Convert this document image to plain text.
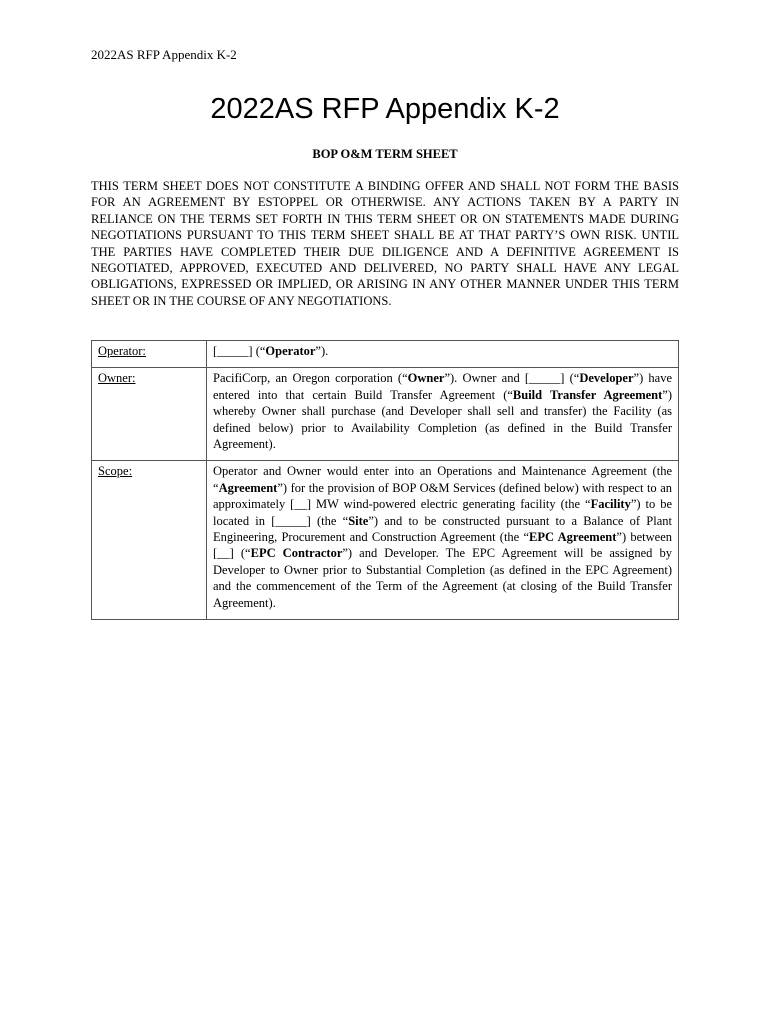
2022AS RFP Appendix K-2
2022AS RFP Appendix K-2
BOP O&M TERM SHEET

THIS TERM SHEET DOES NOT CONSTITUTE A BINDING OFFER AND SHALL NOT FORM THE BASIS FOR AN AGREEMENT BY ESTOPPEL OR OTHERWISE. ANY ACTIONS TAKEN BY A PARTY IN RELIANCE ON THE TERMS SET FORTH IN THIS TERM SHEET OR ON STATEMENTS MADE DURING NEGOTIATIONS PURSUANT TO THIS TERM SHEET SHALL BE AT THAT PARTY’S OWN RISK. UNTIL THE PARTIES HAVE COMPLETED THEIR DUE DILIGENCE AND A DEFINITIVE AGREEMENT IS NEGOTIATED, APPROVED, EXECUTED AND DELIVERED, NO PARTY SHALL HAVE ANY LEGAL OBLIGATIONS, EXPRESSED OR IMPLIED, OR ARISING IN ANY OTHER MANNER UNDER THIS TERM SHEET OR IN THE COURSE OF ANY NEGOTIATIONS.

Operator:	[_____] (“Operator”).
Owner:	PacifiCorp, an Oregon corporation (“Owner”). Owner and [_____] (“Developer”) have entered into that certain Build Transfer Agreement (“Build Transfer Agreement”) whereby Owner shall purchase (and Developer shall sell and transfer) the Facility (as defined below) prior to Availability Completion (as defined in the Build Transfer Agreement).
Scope:	Operator and Owner would enter into an Operations and Maintenance Agreement (the “Agreement”) for the provision of BOP O&M Services (defined below) with respect to an approximately [__] MW wind-powered electric generating facility (the “Facility”) to be located in [_____] (the “Site”) and to be constructed pursuant to a Balance of Plant Engineering, Procurement and Construction Agreement (the “EPC Agreement”) between [__] (“EPC Contractor”) and Developer. The EPC Agreement will be assigned by Developer to Owner prior to Substantial Completion (as defined in the EPC Agreement) and the commencement of the Term of the Agreement (at closing of the Build Transfer Agreement).
